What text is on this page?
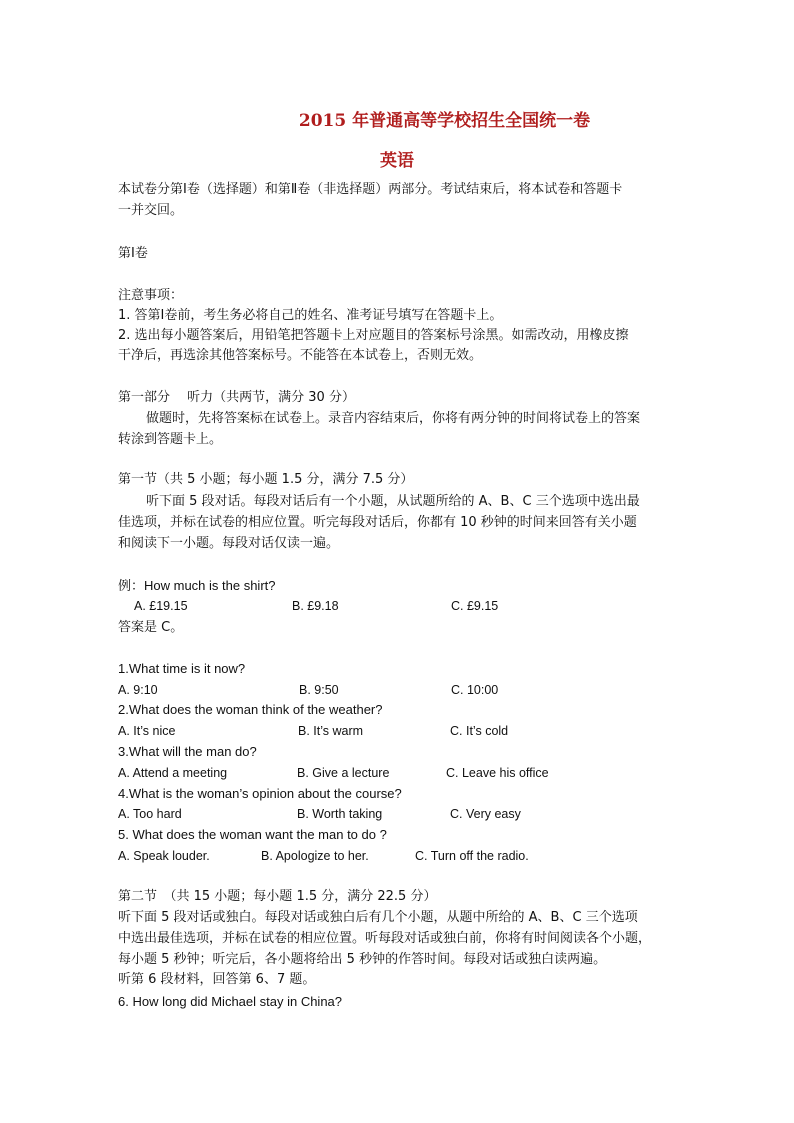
2015 年普通高等学校招生全国统一卷
英语
本试卷分第Ⅰ卷（选择题）和第Ⅱ卷（非选择题）两部分。考试结束后，将本试卷和答题卡
一并交回。
第Ⅰ卷
注意事项：
1. 答第Ⅰ卷前，考生务必将自己的姓名、准考证号填写在答题卡上。
2. 选出每小题答案后，用铅笔把答题卡上对应题目的答案标号涂黑。如需改动，用橡皮擦
干净后，再选涂其他答案标号。不能答在本试卷上，否则无效。
第一部分　 听力（共两节，满分 30 分）
做题时，先将答案标在试卷上。录音内容结束后，你将有两分钟的时间将试卷上的答案
转涂到答题卡上。
第一节（共 5 小题；每小题 1.5 分，满分 7.5 分）
听下面 5 段对话。每段对话后有一个小题，从试题所给的 A、B、C 三个选项中选出最
佳选项，并标在试卷的相应位置。听完每段对话后，你都有 10 秒钟的时间来回答有关小题
和阅读下一小题。每段对话仅读一遍。
例：How much is the shirt?
A. £19.15	B. £9.18	C. £9.15
答案是 C。
1.What time is it now?
A. 9:10	B. 9:50	C. 10:00
2.What does the woman think of the weather?
A. It’s nice	B. It’s warm	C. It’s cold
3.What will the man do?
A. Attend a meeting	B. Give a lecture	C. Leave his office
4.What is the woman’s opinion about the course?
A. Too hard	B. Worth taking	C. Very easy
5. What does the woman want the man to do ?
A. Speak louder.	B. Apologize to her.	C. Turn off the radio.
第二节　（共 15 小题；每小题 1.5 分，满分 22.5 分）
听下面 5 段对话或独白。每段对话或独白后有几个小题，从题中所给的 A、B、C 三个选项
中选出最佳选项，并标在试卷的相应位置。听每段对话或独白前，你将有时间阅读各个小题，
每小题 5 秒钟；听完后，各小题将给出 5 秒钟的作答时间。每段对话或独白读两遍。
听第 6 段材料，回答第 6、7 题。
6. How long did Michael stay in China?
